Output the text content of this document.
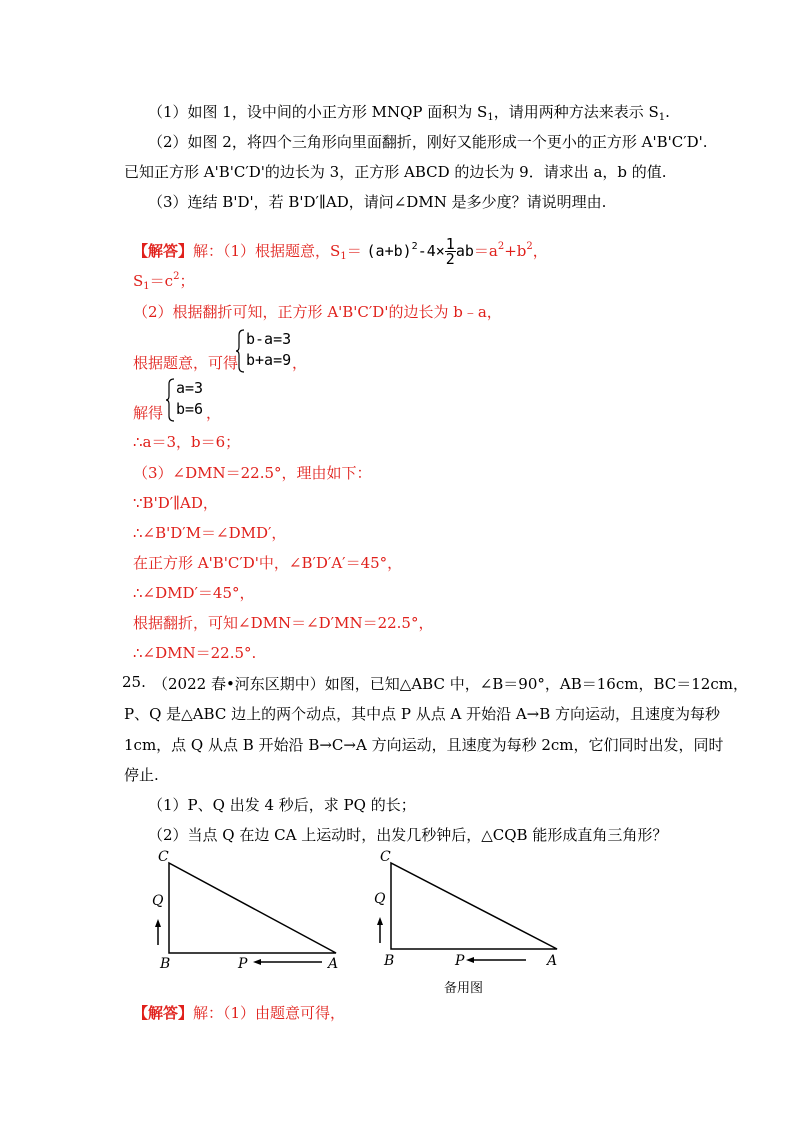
（1）如图 1，设中间的小正方形 MNQP 面积为 $S_1$，请用两种方法来表示 $S_1$.
（2）如图 2，将四个三角形向里面翻折，刚好又能形成一个更小的正方形 A'B'C′D'.
已知正方形 A'B'C′D'的边长为 3，正方形 ABCD 的边长为 9．请求出 a，b 的值.
（3）连结 B'D'，若 B'D′∥AD，请问∠DMN 是多少度？请说明理由.
【解答】解：（1）根据题意，$S_1= (a+b)^2-4\times \frac{1}{2} ab=a^2+b^2$，
$S_1=c^2$；
（2）根据翻折可知，正方形 A'B'C′D'的边长为 b﹣a，
根据题意，可得
b-a=3
b+a=9 ，
解得
a=3
b=6 ，
∴a＝3，b＝6；
（3）∠DMN＝22.5°，理由如下：
∵B'D′∥AD，
∴∠B'D′M＝∠DMD′，
在正方形 A'B'C′D'中，∠B′D′A′＝45°，
∴∠DMD′＝45°，
根据翻折，可知∠DMN＝∠D′MN＝22.5°，
∴∠DMN＝22.5°.
25. （2022 春•河东区期中）如图，已知△ABC 中，∠B＝90°，AB＝16cm，BC＝12cm，
P、Q 是△ABC 边上的两个动点，其中点 P 从点 A 开始沿 A→B 方向运动，且速度为每秒
1cm，点 Q 从点 B 开始沿 B→C→A 方向运动，且速度为每秒 2cm，它们同时出发，同时
停止.
（1）P、Q 出发 4 秒后，求 PQ 的长；
（2）当点 Q 在边 CA 上运动时，出发几秒钟后，△CQB 能形成直角三角形？
C
Q
B	P	A
C
Q
B	P	A
备用图
【解答】解：（1）由题意可得，
